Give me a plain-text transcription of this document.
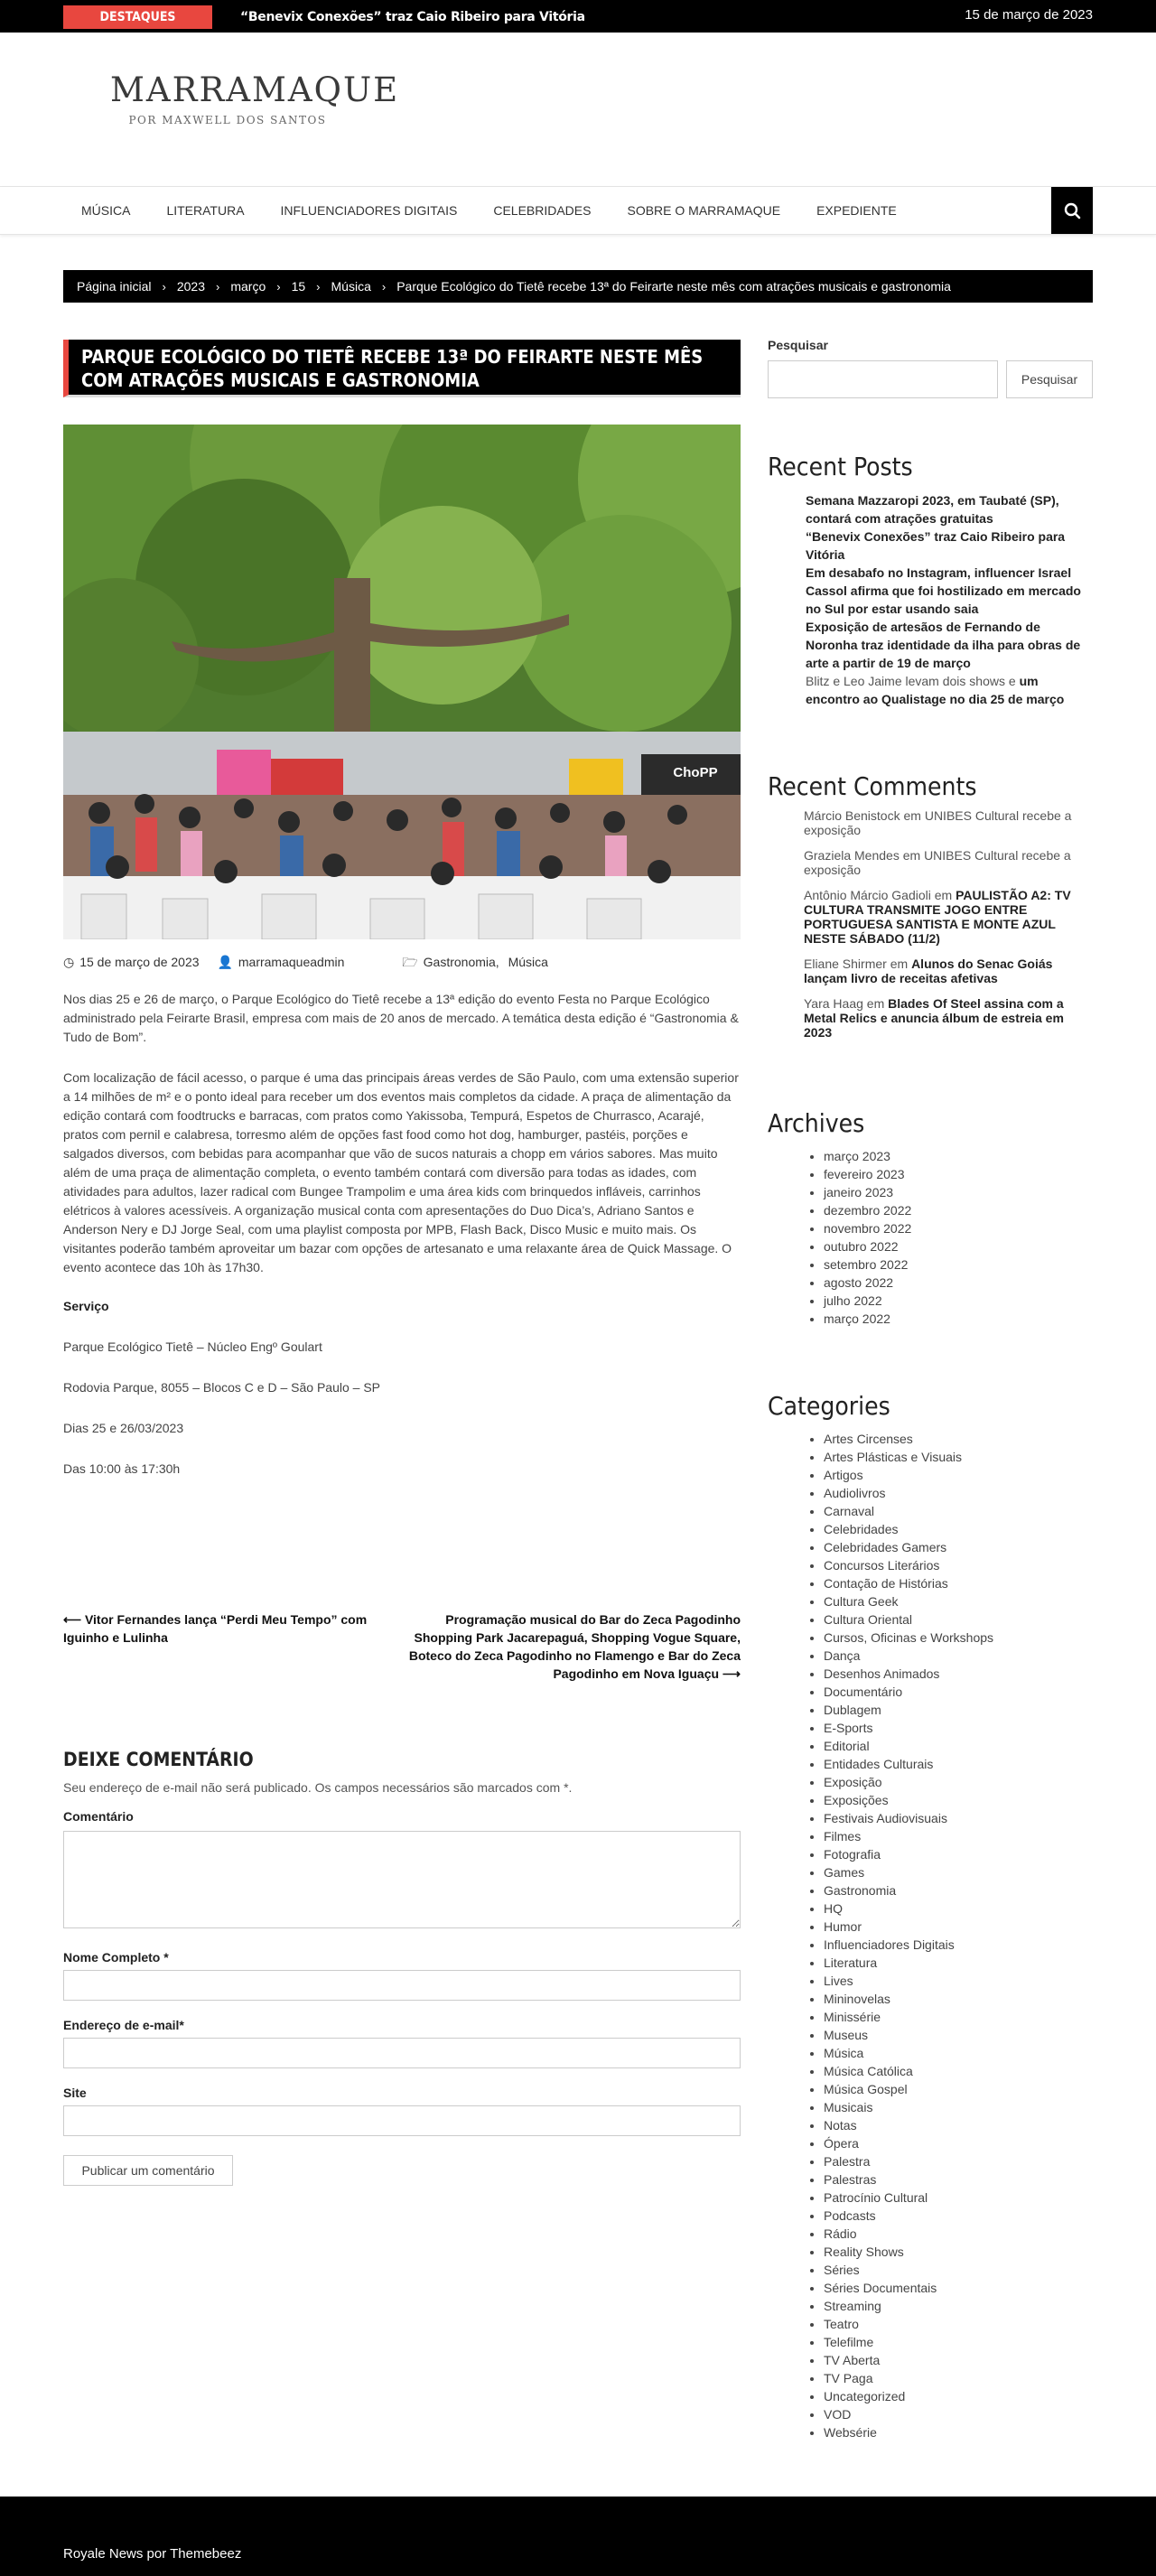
DESTAQUES	“Benevix Conexões” traz Caio Ribeiro para Vitória	15 de março de 2023
MARRAMAQUE
POR MAXWELL DOS SANTOS
MÚSICA	LITERATURA	INFLUENCIADORES DIGITAIS	CELEBRIDADES	SOBRE O MARRAMAQUE	EXPEDIENTE
Página inicial › 2023 › março › 15 › Música › Parque Ecológico do Tietê recebe 13ª do Feirarte neste mês com atrações musicais e gastronomia
PARQUE ECOLÓGICO DO TIETÊ RECEBE 13ª DO FEIRARTE NESTE MÊS COM ATRAÇÕES MUSICAIS E GASTRONOMIA
ChoPP
◷ 15 de março de 2023 👤 marramaqueadmin	🗁 Gastronomia, Música

Nos dias 25 e 26 de março, o Parque Ecológico do Tietê recebe a 13ª edição do evento Festa no Parque Ecológico administrado pela Feirarte Brasil, empresa com mais de 20 anos de mercado. A temática desta edição é “Gastronomia & Tudo de Bom”.

Com localização de fácil acesso, o parque é uma das principais áreas verdes de São Paulo, com uma extensão superior a 14 milhões de m² e o ponto ideal para receber um dos eventos mais completos da cidade. A praça de alimentação da edição contará com foodtrucks e barracas, com pratos como Yakissoba, Tempurá, Espetos de Churrasco, Acarajé, pratos com pernil e calabresa, torresmo além de opções fast food como hot dog, hamburger, pastéis, porções e salgados diversos, com bebidas para acompanhar que vão de sucos naturais a chopp em vários sabores. Mas muito além de uma praça de alimentação completa, o evento também contará com diversão para todas as idades, com atividades para adultos, lazer radical com Bungee Trampolim e uma área kids com brinquedos infláveis, carrinhos elétricos à valores acessíveis. A organização musical conta com apresentações do Duo Dica’s, Adriano Santos e Anderson Nery e DJ Jorge Seal, com uma playlist composta por MPB, Flash Back, Disco Music e muito mais. Os visitantes poderão também aproveitar um bazar com opções de artesanato e uma relaxante área de Quick Massage. O evento acontece das 10h às 17h30.

Serviço

Parque Ecológico Tietê – Núcleo Engº Goulart

Rodovia Parque, 8055 – Blocos C e D – São Paulo – SP

Dias 25 e 26/03/2023

Das 10:00 às 17:30h

⟵ Vitor Fernandes lança “Perdi Meu Tempo” com Iguinho e Lulinha
Programação musical do Bar do Zeca Pagodinho Shopping Park Jacarepaguá, Shopping Vogue Square, Boteco do Zeca Pagodinho no Flamengo e Bar do Zeca Pagodinho em Nova Iguaçu ⟶
DEIXE COMENTÁRIO
Seu endereço de e-mail não será publicado. Os campos necessários são marcados com *.
Comentário
Nome Completo *
Endereço de e-mail*
Site
Publicar um comentário
Pesquisar
Pesquisar
Recent Posts
Semana Mazzaropi 2023, em Taubaté (SP), contará com atrações gratuitas
“Benevix Conexões” traz Caio Ribeiro para Vitória
Em desabafo no Instagram, influencer Israel Cassol afirma que foi hostilizado em mercado no Sul por estar usando saia
Exposição de artesãos de Fernando de Noronha traz identidade da ilha para obras de arte a partir de 19 de março
Blitz e Leo Jaime levam dois shows e um encontro ao Qualistage no dia 25 de março
Recent Comments
Márcio Benistock em UNIBES Cultural recebe a exposição
Graziela Mendes em UNIBES Cultural recebe a exposição
Antônio Márcio Gadioli em PAULISTÃO A2: TV CULTURA TRANSMITE JOGO ENTRE PORTUGUESA SANTISTA E MONTE AZUL NESTE SÁBADO (11/2)
Eliane Shirmer em Alunos do Senac Goiás lançam livro de receitas afetivas
Yara Haag em Blades Of Steel assina com a Metal Relics e anuncia álbum de estreia em 2023
Archives
• março 2023
• fevereiro 2023
• janeiro 2023
• dezembro 2022
• novembro 2022
• outubro 2022
• setembro 2022
• agosto 2022
• julho 2022
• março 2022
Categories
• Artes Circenses
• Artes Plásticas e Visuais
• Artigos
• Audiolivros
• Carnaval
• Celebridades
• Celebridades Gamers
• Concursos Literários
• Contação de Histórias
• Cultura Geek
• Cultura Oriental
• Cursos, Oficinas e Workshops
• Dança
• Desenhos Animados
• Documentário
• Dublagem
• E-Sports
• Editorial
• Entidades Culturais
• Exposição
• Exposições
• Festivais Audiovisuais
• Filmes
• Fotografia
• Games
• Gastronomia
• HQ
• Humor
• Influenciadores Digitais
• Literatura
• Lives
• Mininovelas
• Minissérie
• Museus
• Música
• Música Católica
• Música Gospel
• Musicais
• Notas
• Ópera
• Palestra
• Palestras
• Patrocínio Cultural
• Podcasts
• Rádio
• Reality Shows
• Séries
• Séries Documentais
• Streaming
• Teatro
• Telefilme
• TV Aberta
• TV Paga
• Uncategorized
• VOD
• Websérie
Royale News por Themebeez
